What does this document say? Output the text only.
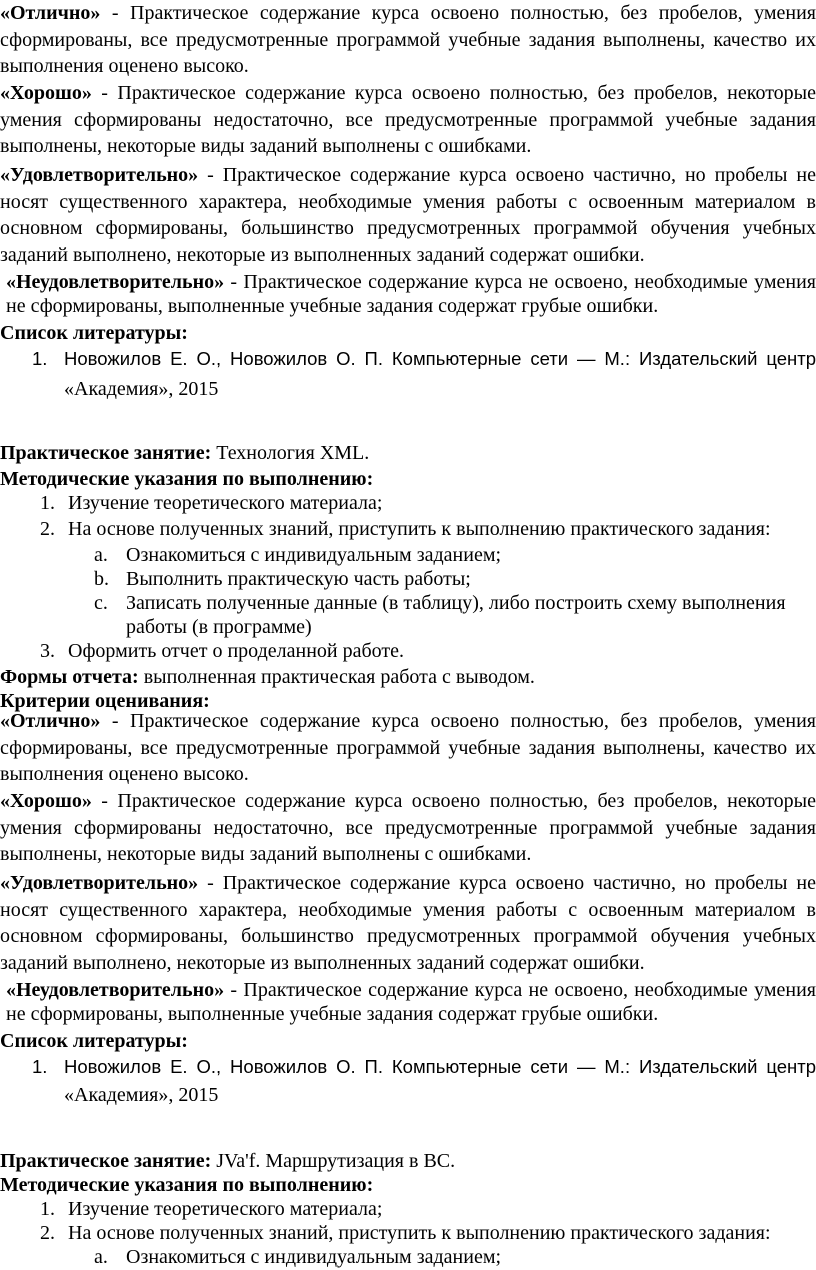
«Отлично» - Практическое содержание курса освоено полностью, без пробелов, умения сформированы, все предусмотренные программой учебные задания выполнены, качество их выполнения оценено высоко.

«Хорошо» - Практическое содержание курса освоено полностью, без пробелов, некоторые умения сформированы недостаточно, все предусмотренные программой учебные задания выполнены, некоторые виды заданий выполнены с ошибками.

«Удовлетворительно» - Практическое содержание курса освоено частично, но пробелы не носят существенного характера, необходимые умения работы с освоенным материалом в основном сформированы, большинство предусмотренных программой обучения учебных заданий выполнено, некоторые из выполненных заданий содержат ошибки.

«Неудовлетворительно» - Практическое содержание курса не освоено, необходимые умения не сформированы, выполненные учебные задания содержат грубые ошибки.

Список литературы:
1. Новожилов Е. О., Новожилов О. П. Компьютерные сети — М.: Издательский центр
«Академия», 2015
Практическое занятие: Технология XML.
Методические указания по выполнению:
1. Изучение теоретического материала;
2. На основе полученных знаний, приступить к выполнению практического задания:
a. Ознакомиться с индивидуальным заданием;
b. Выполнить практическую часть работы;
c. Записать полученные данные (в таблицу), либо построить схему выполнения
работы (в программе)
3. Оформить отчет о проделанной работе.
Формы отчета: выполненная практическая работа с выводом.
Критерии оценивания:

«Отлично» - Практическое содержание курса освоено полностью, без пробелов, умения сформированы, все предусмотренные программой учебные задания выполнены, качество их выполнения оценено высоко.

«Хорошо» - Практическое содержание курса освоено полностью, без пробелов, некоторые умения сформированы недостаточно, все предусмотренные программой учебные задания выполнены, некоторые виды заданий выполнены с ошибками.

«Удовлетворительно» - Практическое содержание курса освоено частично, но пробелы не носят существенного характера, необходимые умения работы с освоенным материалом в основном сформированы, большинство предусмотренных программой обучения учебных заданий выполнено, некоторые из выполненных заданий содержат ошибки.

«Неудовлетворительно» - Практическое содержание курса не освоено, необходимые умения не сформированы, выполненные учебные задания содержат грубые ошибки.

Список литературы:
1. Новожилов Е. О., Новожилов О. П. Компьютерные сети — М.: Издательский центр
«Академия», 2015
Практическое занятие: JVa'f. Маршрутизация в ВС.
Методические указания по выполнению:
1. Изучение теоретического материала;
2. На основе полученных знаний, приступить к выполнению практического задания:
a. Ознакомиться с индивидуальным заданием;
